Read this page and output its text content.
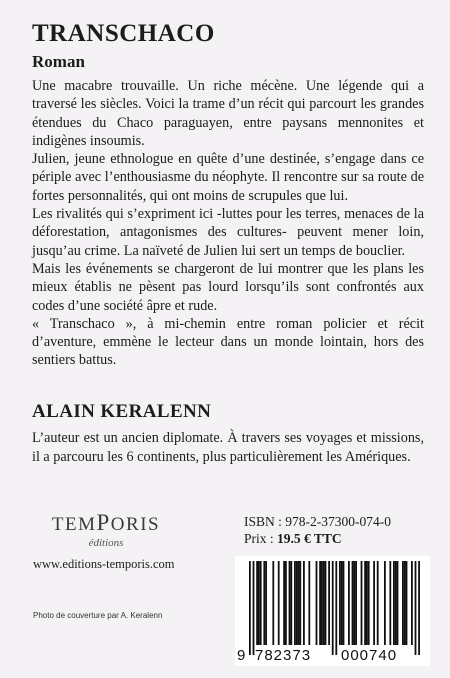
TRANSCHACO
Roman

Une macabre trouvaille. Un riche mécène. Une légende qui a traversé les siècles. Voici la trame d’un récit qui parcourt les grandes étendues du Chaco paraguayen, entre paysans mennonites et indigènes insoumis.

Julien, jeune ethnologue en quête d’une destinée, s’engage dans ce périple avec l’enthousiasme du néophyte. Il rencontre sur sa route de fortes personnalités, qui ont moins de scrupules que lui.

Les rivalités qui s’expriment ici -luttes pour les terres, menaces de la déforestation, antagonismes des cultures- peuvent mener loin, jusqu’au crime. La naïveté de Julien lui sert un temps de bouclier.

Mais les événements se chargeront de lui montrer que les plans les mieux établis ne pèsent pas lourd lorsqu’ils sont confrontés aux codes d’une société âpre et rude.

« Transchaco », à mi-chemin entre roman policier et récit d’aventure, emmène le lecteur dans un monde lointain, hors des sentiers battus.

ALAIN KERALENN

L’auteur est un ancien diplomate. À travers ses voyages et missions, il a parcouru les 6 continents, plus particulièrement les Amériques.

TEMPORIS
éditions
www.editions-temporis.com
Photo de couverture par A. Keralenn
ISBN : 978-2-37300-074-0
Prix : 19.5 € TTC
9 782373 000740
